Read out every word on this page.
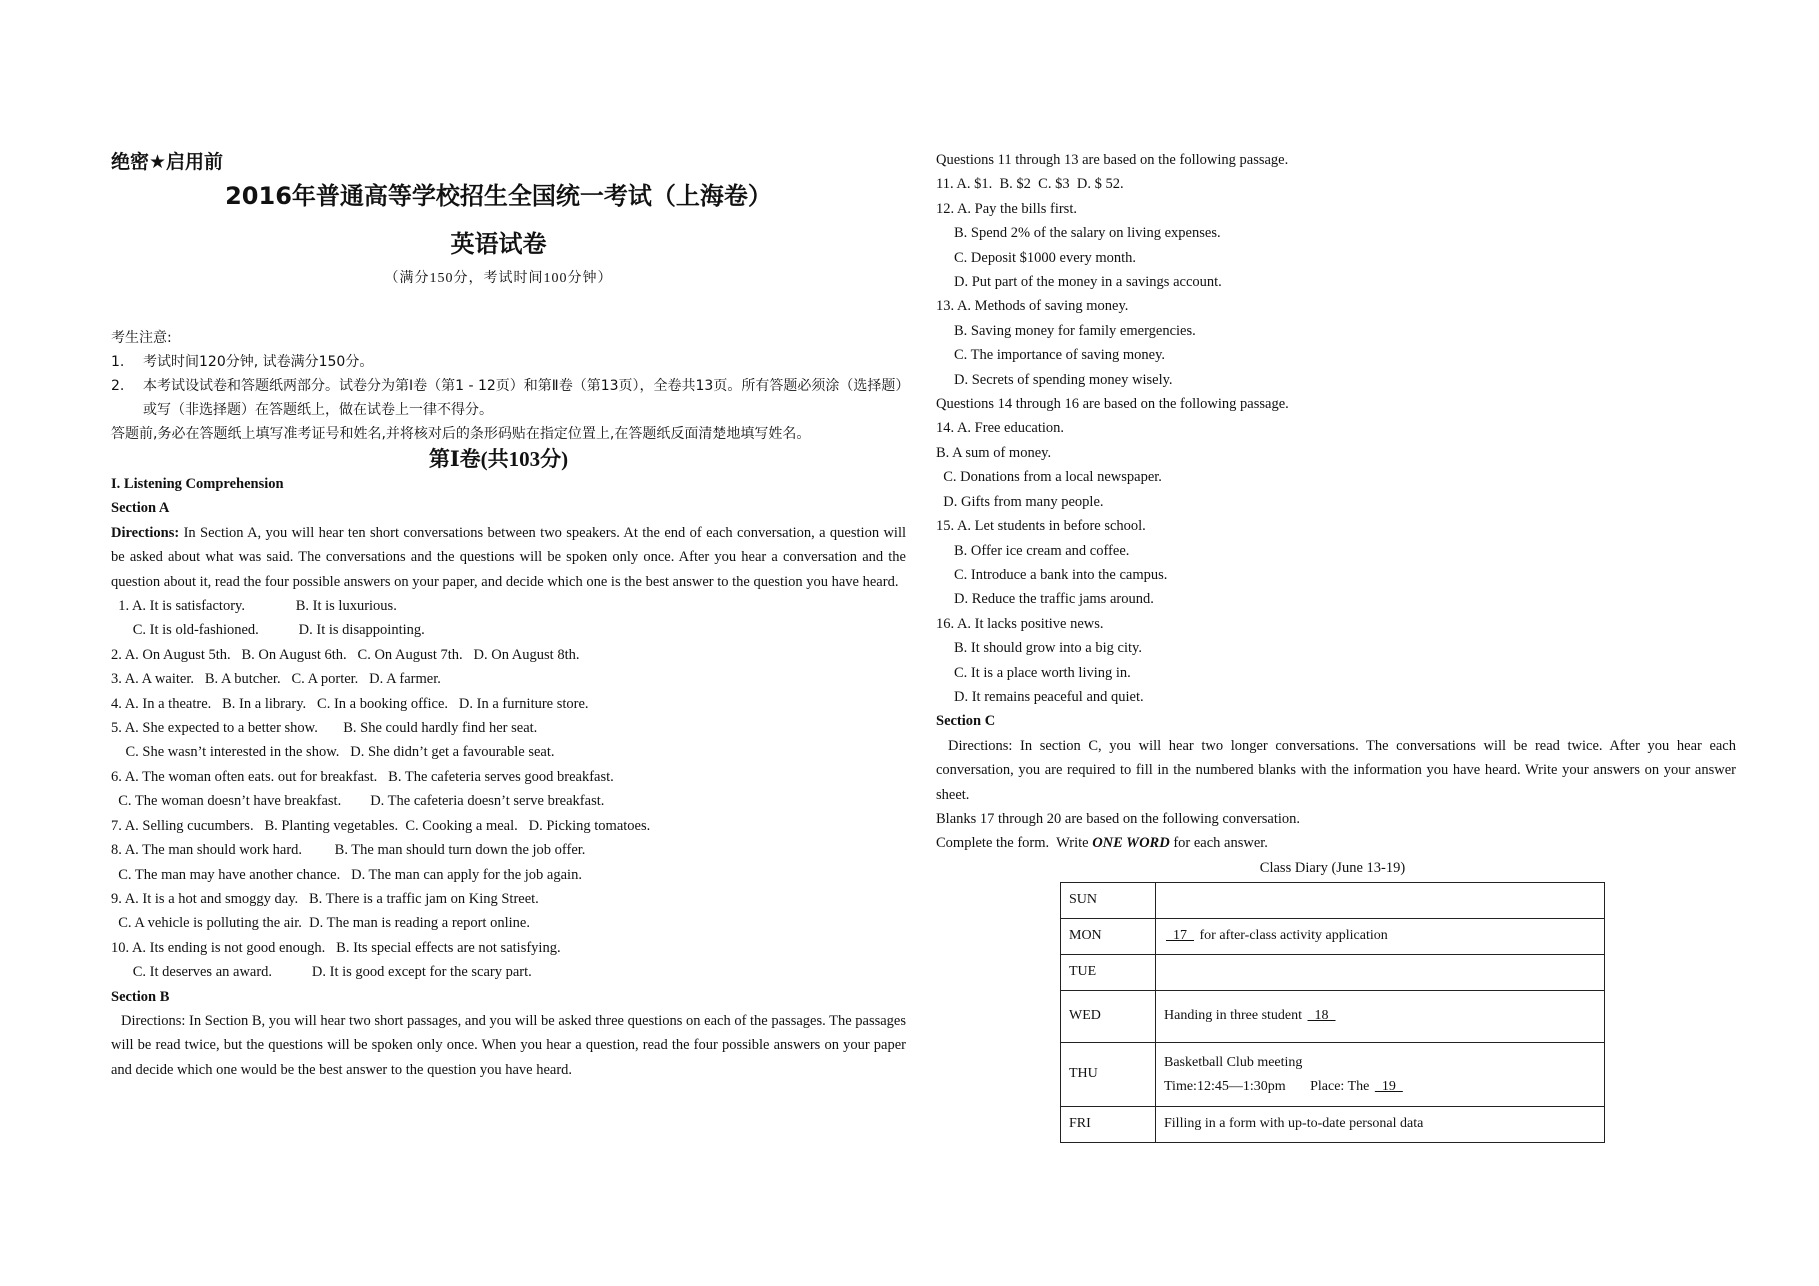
绝密★启用前
2016年普通高等学校招生全国统一考试（上海卷）
英语试卷
（满分150分，考试时间100分钟）
考生注意:
1. 考试时间120分钟, 试卷满分150分。
2. 本考试设试卷和答题纸两部分。试卷分为第Ⅰ卷（第1 - 12页）和第Ⅱ卷（第13页），全卷共13页。所有答题必须涂（选择题）或写（非选择题）在答题纸上，做在试卷上一律不得分。
答题前,务必在答题纸上填写准考证号和姓名,并将核对后的条形码贴在指定位置上,在答题纸反面清楚地填写姓名。
第Ⅰ卷(共103分)
I. Listening Comprehension
Section A
Directions: In Section A, you will hear ten short conversations between two speakers. At the end of each conversation, a question will be asked about what was said. The conversations and the questions will be spoken only once. After you hear a conversation and the question about it, read the four possible answers on your paper, and decide which one is the best answer to the question you have heard.
1. A. It is satisfactory.              B. It is luxurious.
C. It is old-fashioned.           D. It is disappointing.
2. A. On August 5th.   B. On August 6th.   C. On August 7th.   D. On August 8th.
3. A. A waiter.   B. A butcher.   C. A porter.   D. A farmer.
4. A. In a theatre.   B. In a library.   C. In a booking office.   D. In a furniture store.
5. A. She expected to a better show.       B. She could hardly find her seat.
C. She wasn’t interested in the show.   D. She didn’t get a favourable seat.
6. A. The woman often eats. out for breakfast.   B. The cafeteria serves good breakfast.
C. The woman doesn’t have breakfast.        D. The cafeteria doesn’t serve breakfast.
7. A. Selling cucumbers.   B. Planting vegetables.  C. Cooking a meal.   D. Picking tomatoes.
8. A. The man should work hard.         B. The man should turn down the job offer.
C. The man may have another chance.   D. The man can apply for the job again.
9. A. It is a hot and smoggy day.   B. There is a traffic jam on King Street.
C. A vehicle is polluting the air.  D. The man is reading a report online.
10. A. Its ending is not good enough.   B. Its special effects are not satisfying.
C. It deserves an award.           D. It is good except for the scary part.
Section B
Directions: In Section B, you will hear two short passages, and you will be asked three questions on each of the passages. The passages will be read twice, but the questions will be spoken only once. When you hear a question, read the four possible answers on your paper and decide which one would be the best answer to the question you have heard.
Questions 11 through 13 are based on the following passage.
11. A. $1.  B. $2  C. $3  D. $ 52.
12. A. Pay the bills first.
B. Spend 2% of the salary on living expenses.
C. Deposit $1000 every month.
D. Put part of the money in a savings account.
13. A. Methods of saving money.
B. Saving money for family emergencies.
C. The importance of saving money.
D. Secrets of spending money wisely.
Questions 14 through 16 are based on the following passage.
14. A. Free education.
B. A sum of money.
C. Donations from a local newspaper.
D. Gifts from many people.
15. A. Let students in before school.
B. Offer ice cream and coffee.
C. Introduce a bank into the campus.
D. Reduce the traffic jams around.
16. A. It lacks positive news.
B. It should grow into a big city.
C. It is a place worth living in.
D. It remains peaceful and quiet.
Section C
Directions: In section C, you will hear two longer conversations. The conversations will be read twice. After you hear each conversation, you are required to fill in the numbered blanks with the information you have heard. Write your answers on your answer sheet.
Blanks 17 through 20 are based on the following conversation.
Complete the form.  Write ONE WORD for each answer.
Class Diary (June 13-19)
SUN	
MON	17   for after-class activity application
TUE	
WED	Handing in three student   18
THU	Basketball Club meeting
Time:12:45—1:30pm       Place: The   19

FRI	Filling in a form with up-to-date personal data
